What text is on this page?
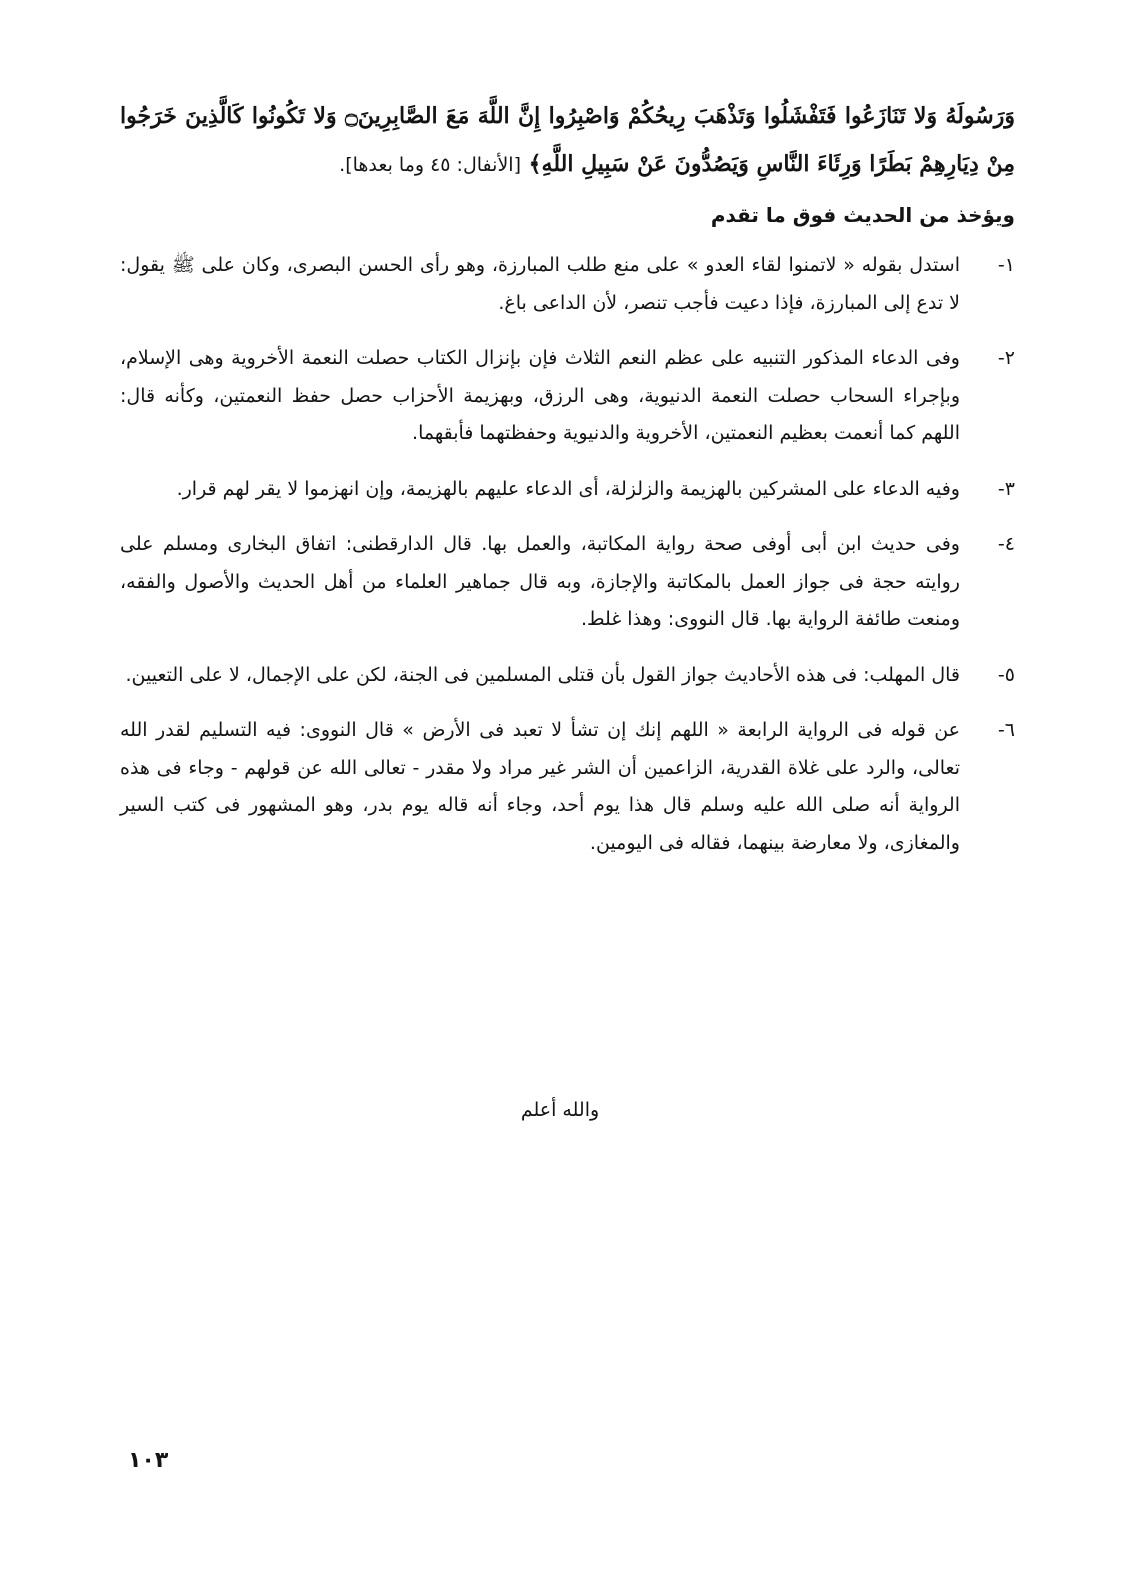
وَرَسُولَهُ وَلا تَنَازَعُوا فَتَفْشَلُوا وَتَذْهَبَ رِيحُكُمْ وَاصْبِرُوا إِنَّ اللَّهَ مَعَ الصَّابِرِينَ۝ وَلا تَكُونُوا كَالَّذِينَ خَرَجُوا مِنْ دِيَارِهِمْ بَطَرًا وَرِئَاءَ النَّاسِ وَيَصُدُّونَ عَنْ سَبِيلِ اللَّهِ﴾ [الأنفال: ٤٥ وما بعدها].
ويؤخذ من الحديث فوق ما تقدم
١-
استدل بقوله « لاتمنوا لقاء العدو » على منع طلب المبارزة، وهو رأى الحسن البصرى، وكان على ﷺ يقول: لا تدع إلى المبارزة، فإذا دعيت فأجب تنصر، لأن الداعى باغ.
٢-
وفى الدعاء المذكور التنبيه على عظم النعم الثلاث فإن بإنزال الكتاب حصلت النعمة الأخروية وهى الإسلام، وبإجراء السحاب حصلت النعمة الدنيوية، وهى الرزق، وبهزيمة الأحزاب حصل حفظ النعمتين، وكأنه قال: اللهم كما أنعمت بعظيم النعمتين، الأخروية والدنيوية وحفظتهما فأبقهما.
٣-
وفيه الدعاء على المشركين بالهزيمة والزلزلة، أى الدعاء عليهم بالهزيمة، وإن انهزموا لا يقر لهم قرار.
٤-
وفى حديث ابن أبى أوفى صحة رواية المكاتبة، والعمل بها. قال الدارقطنى: اتفاق البخارى ومسلم على روايته حجة فى جواز العمل بالمكاتبة والإجازة، وبه قال جماهير العلماء من أهل الحديث والأصول والفقه، ومنعت طائفة الرواية بها. قال النووى: وهذا غلط.
٥-
قال المهلب: فى هذه الأحاديث جواز القول بأن قتلى المسلمين فى الجنة، لكن على الإجمال، لا على التعيين.
٦-
عن قوله فى الرواية الرابعة « اللهم إنك إن تشأ لا تعبد فى الأرض » قال النووى: فيه التسليم لقدر الله تعالى، والرد على غلاة القدرية، الزاعمين أن الشر غير مراد ولا مقدر - تعالى الله عن قولهم - وجاء فى هذه الرواية أنه صلى الله عليه وسلم قال هذا يوم أحد، وجاء أنه قاله يوم بدر، وهو المشهور فى كتب السير والمغازى، ولا معارضة بينهما، فقاله فى اليومين.
والله أعلم
١٠٣
